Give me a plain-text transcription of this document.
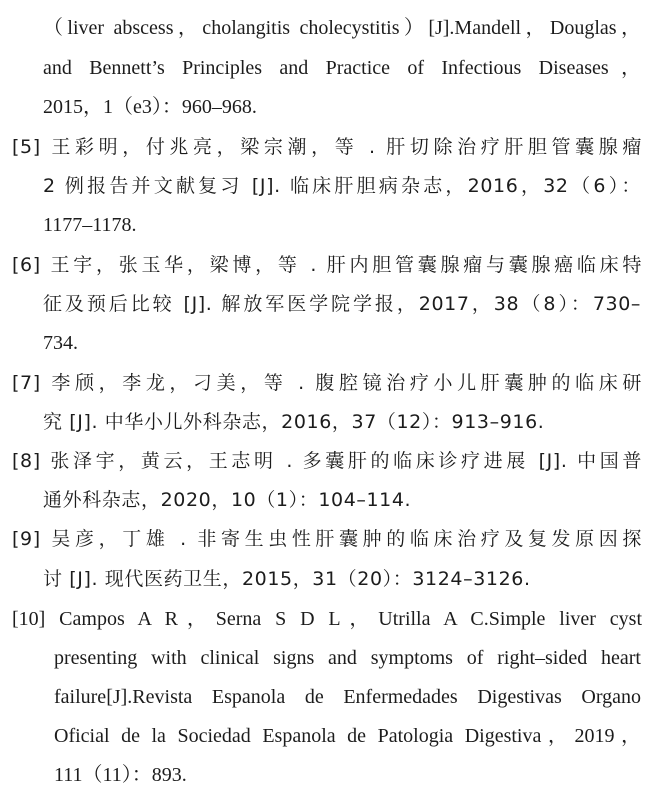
（liver abscess，cholangitis cholecystitis）[J].Mandell，Douglas，
and Bennett’s Principles and Practice of Infectious Diseases，
2015，1（e3）：960–968.
[5] 王彩明，付兆亮，梁宗潮，等 . 肝切除治疗肝胆管囊腺瘤
2 例报告并文献复习 [J]. 临床肝胆病杂志，2016，32（6）：
1177–1178.
[6] 王宇，张玉华，梁博，等 . 肝内胆管囊腺瘤与囊腺癌临床特
征及预后比较 [J]. 解放军医学院学报，2017，38（8）：730–
734.
[7] 李颀，李龙，刁美，等 . 腹腔镜治疗小儿肝囊肿的临床研
究 [J]. 中华小儿外科杂志，2016，37（12）：913–916.
[8] 张泽宇，黄云，王志明 . 多囊肝的临床诊疗进展 [J]. 中国普
通外科杂志，2020，10（1）：104–114.
[9] 吴彦，丁雄 . 非寄生虫性肝囊肿的临床治疗及复发原因探
讨 [J]. 现代医药卫生，2015，31（20）：3124–3126.
[10] Campos A R，Serna S D L，Utrilla A C.Simple liver cyst
presenting with clinical signs and symptoms of right–sided heart
failure[J].Revista Espanola de Enfermedades Digestivas Organo
Oficial de la Sociedad Espanola de Patologia Digestiva，2019，
111（11）：893.
